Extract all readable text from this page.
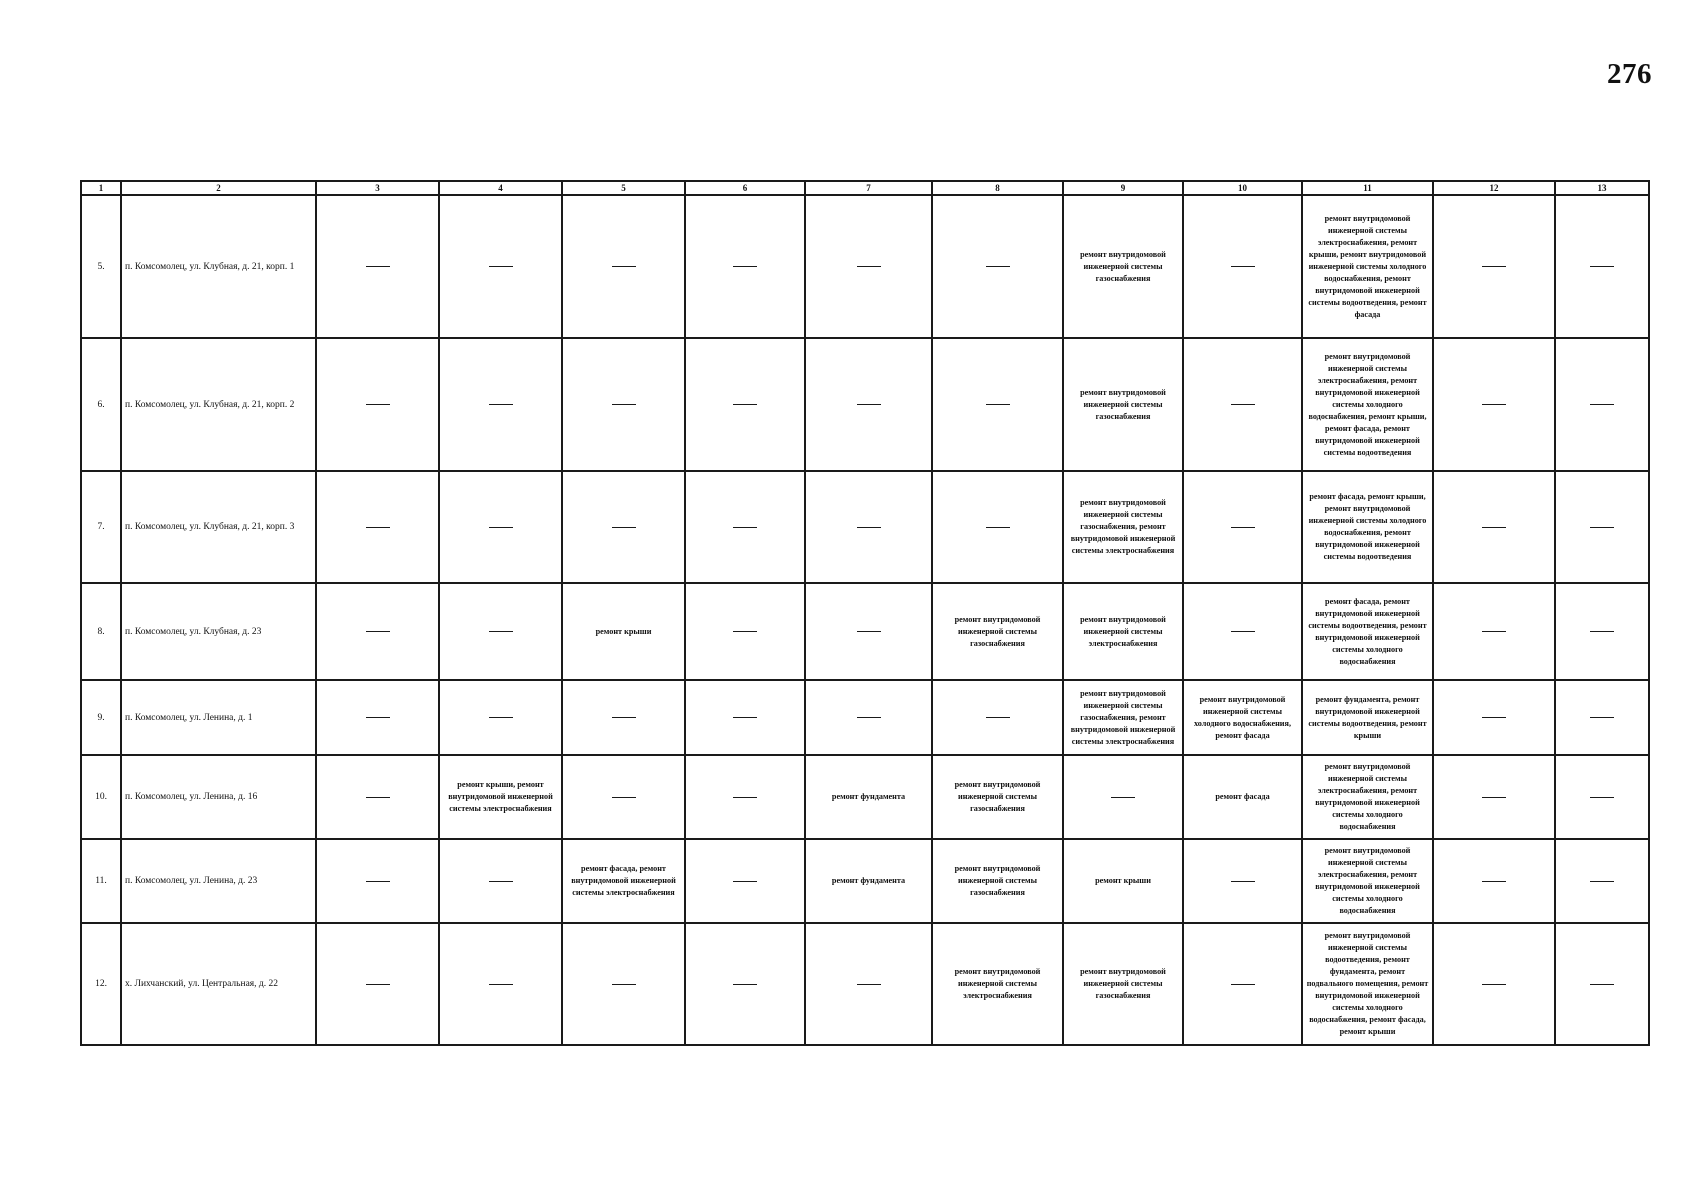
276
1	2	3	4	5	6	7	8	9	10	11	12	13
5.	п. Комсомолец, ул. Клубная, д. 21, корп. 1							ремонт внутридомовой инженерной системы газоснабжения		ремонт внутридомовой инженерной системы электроснабжения, ремонт крыши, ремонт внутридомовой инженерной системы холодного водоснабжения, ремонт внутридомовой инженерной системы водоотведения, ремонт фасада		
6.	п. Комсомолец, ул. Клубная, д. 21, корп. 2							ремонт внутридомовой инженерной системы газоснабжения		ремонт внутридомовой инженерной системы электроснабжения, ремонт внутридомовой инженерной системы холодного водоснабжения, ремонт крыши, ремонт фасада, ремонт внутридомовой инженерной системы водоотведения		
7.	п. Комсомолец, ул. Клубная, д. 21, корп. 3							ремонт внутридомовой инженерной системы газоснабжения, ремонт внутридомовой инженерной системы электроснабжения		ремонт фасада, ремонт крыши, ремонт внутридомовой инженерной системы холодного водоснабжения, ремонт внутридомовой инженерной системы водоотведения		
8.	п. Комсомолец, ул. Клубная, д. 23			ремонт крыши			ремонт внутридомовой инженерной системы газоснабжения	ремонт внутридомовой инженерной системы электроснабжения		ремонт фасада, ремонт внутридомовой инженерной системы водоотведения, ремонт внутридомовой инженерной системы холодного водоснабжения		
9.	п. Комсомолец, ул. Ленина, д. 1							ремонт внутридомовой инженерной системы газоснабжения, ремонт внутридомовой инженерной системы электроснабжения	ремонт внутридомовой инженерной системы холодного водоснабжения, ремонт фасада	ремонт фундамента, ремонт внутридомовой инженерной системы водоотведения, ремонт крыши		
10.	п. Комсомолец, ул. Ленина, д. 16		ремонт крыши, ремонт внутридомовой инженерной системы электроснабжения			ремонт фундамента	ремонт внутридомовой инженерной системы газоснабжения		ремонт фасада	ремонт внутридомовой инженерной системы электроснабжения, ремонт внутридомовой инженерной системы холодного водоснабжения		
11.	п. Комсомолец, ул. Ленина, д. 23			ремонт фасада, ремонт внутридомовой инженерной системы электроснабжения		ремонт фундамента	ремонт внутридомовой инженерной системы газоснабжения	ремонт крыши		ремонт внутридомовой инженерной системы электроснабжения, ремонт внутридомовой инженерной системы холодного водоснабжения		
12.	х. Лихчанский, ул. Центральная, д. 22						ремонт внутридомовой инженерной системы электроснабжения	ремонт внутридомовой инженерной системы газоснабжения		ремонт внутридомовой инженерной системы водоотведения, ремонт фундамента, ремонт подвального помещения, ремонт внутридомовой инженерной системы холодного водоснабжения, ремонт фасада, ремонт крыши		
